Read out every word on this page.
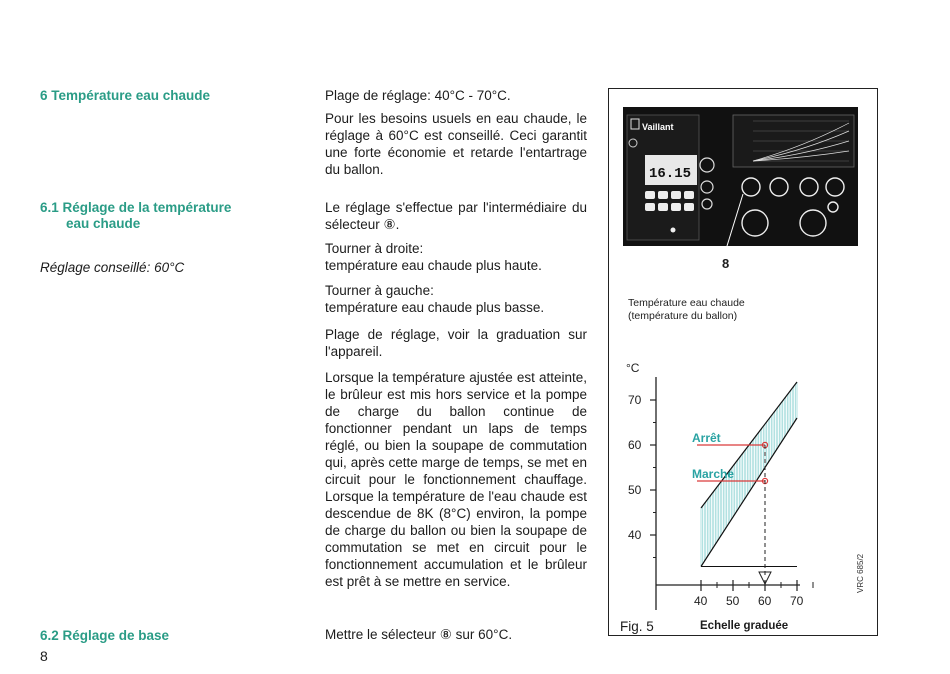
6 Température eau chaude
6.1 Réglage de la température
eau chaude
Réglage conseillé: 60°C
6.2 Réglage de base
8
Plage de réglage: 40°C - 70°C.
Pour les besoins usuels en eau chaude, le réglage à 60°C est conseillé. Ceci garantit une forte économie et retarde l'entartrage du ballon.
Le réglage s'effectue par l'intermédiaire du sélecteur ⑧.
Tourner à droite:
température eau chaude plus haute.
Tourner à gauche:
température eau chaude plus basse.
Plage de réglage, voir la graduation sur l'appareil.
Lorsque la température ajustée est atteinte, le brûleur est mis hors service et la pompe de charge du ballon continue de fonctionner pendant un laps de temps réglé, ou bien la soupape de commutation qui, après cette marge de temps, se met en circuit pour le fonctionnement chauffage. Lorsque la température de l'eau chaude est descendue de 8K (8°C) environ, la pompe de charge du ballon ou bien la soupape de commutation se met en circuit pour le fonctionnement accumulation et le brûleur est prêt à se mettre en service.
Mettre le sélecteur ⑧ sur 60°C.
Vaillant
16.15
8
Température eau chaude
(température du ballon)
°C
40
50
60
70
40 50 60 70
Arrêt
Marche
Fig. 5	Echelle graduée
VRC 685/2
